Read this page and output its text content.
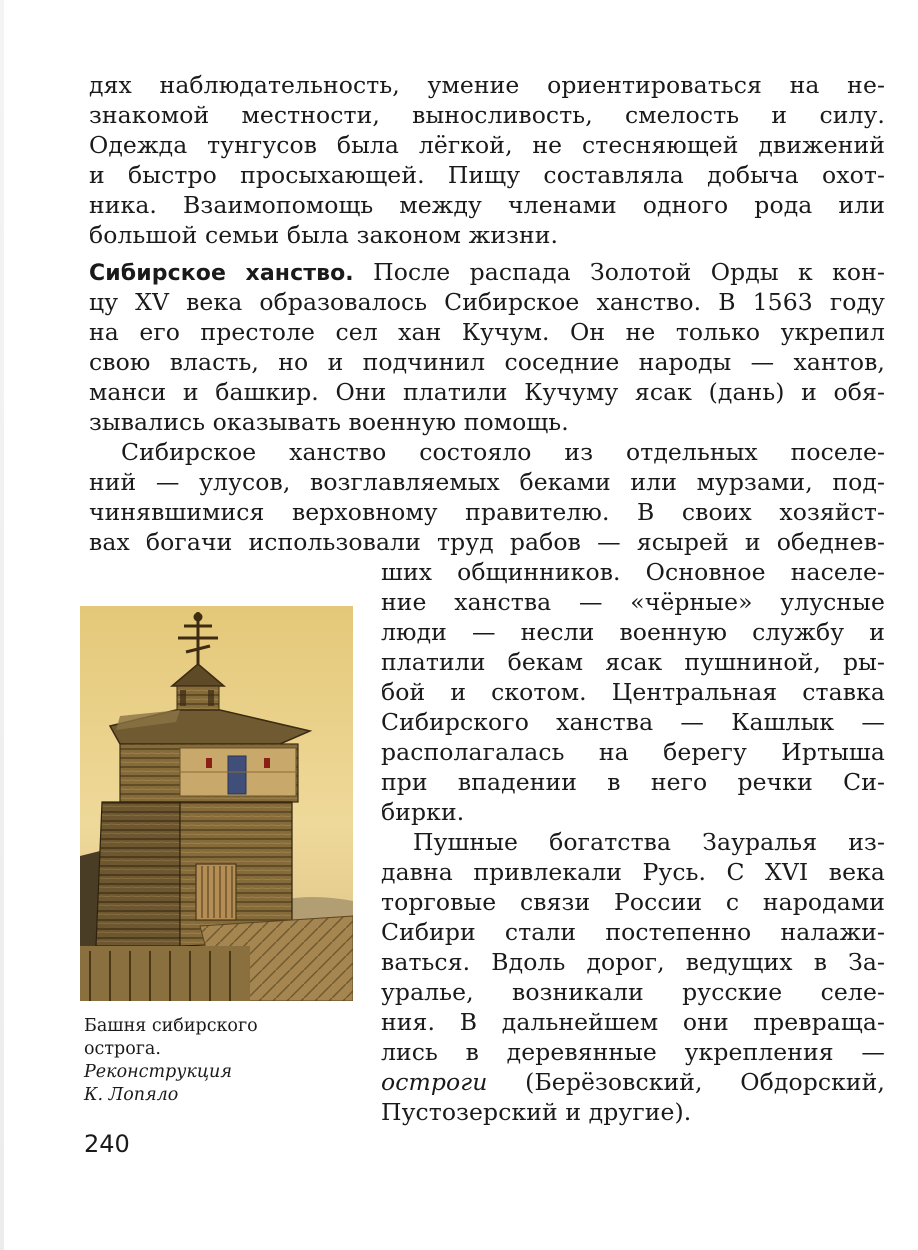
дях наблюдательность, умение ориентироваться на не-
знакомой местности, выносливость, смелость и силу.
Одежда тунгусов была лёгкой, не стесняющей движений
и быстро просыхающей. Пищу составляла добыча охот-
ника. Взаимопомощь между членами одного рода или
большой семьи была законом жизни.
Сибирское ханство. После распада Золотой Орды к кон-
цу XV века образовалось Сибирское ханство. В 1563 году
на его престоле сел хан Кучум. Он не только укрепил
свою власть, но и подчинил соседние народы — хантов,
манси и башкир. Они платили Кучуму ясак (дань) и обя-
зывались оказывать военную помощь.
Сибирское ханство состояло из отдельных поселе-
ний — улусов, возглавляемых беками или мурзами, под-
чинявшимися верховному правителю. В своих хозяйст-
вах богачи использовали труд рабов — ясырей и обеднев-
ших общинников. Основное населе-
ние ханства — «чёрные» улусные
люди — несли военную службу и
платили бекам ясак пушниной, ры-
бой и скотом. Центральная ставка
Сибирского ханства — Кашлык —
располагалась на берегу Иртыша
при впадении в него речки Си-
бирки.
Пушные богатства Зауралья из-
давна привлекали Русь. С XVI века
торговые связи России с народами
Сибири стали постепенно налажи-
ваться. Вдоль дорог, ведущих в За-
уралье, возникали русские селе-
ния. В дальнейшем они превраща-
лись в деревянные укрепления —
остроги (Берёзовский, Обдорский,
Пустозерский и другие).
Башня сибирского
острога.
Реконструкция
К. Лопяло
240
